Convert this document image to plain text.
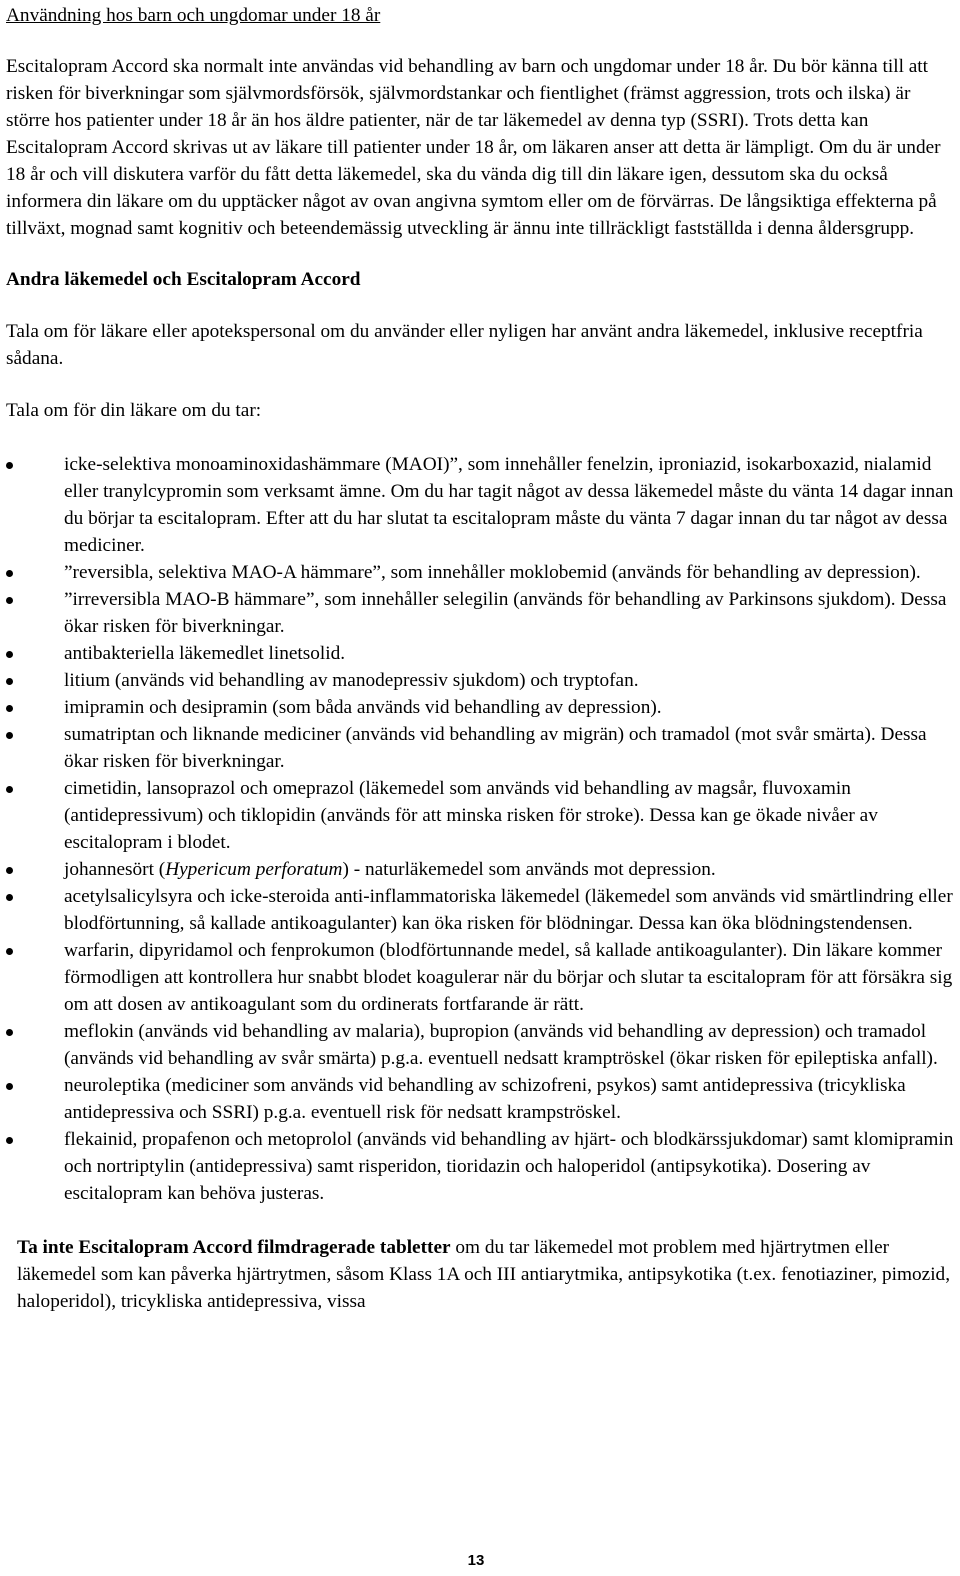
Användning hos barn och ungdomar under 18 år

Escitalopram Accord ska normalt inte användas vid behandling av barn och ungdomar under 18 år. Du bör känna till att risken för biverkningar som självmordsförsök, självmordstankar och fientlighet (främst aggression, trots och ilska) är större hos patienter under 18 år än hos äldre patienter, när de tar läkemedel av denna typ (SSRI). Trots detta kan Escitalopram Accord skrivas ut av läkare till patienter under 18 år, om läkaren anser att detta är lämpligt. Om du är under 18 år och vill diskutera varför du fått detta läkemedel, ska du vända dig till din läkare igen, dessutom ska du också informera din läkare om du upptäcker något av ovan angivna symtom eller om de förvärras. De långsiktiga effekterna på tillväxt, mognad samt kognitiv och beteendemässig utveckling är ännu inte tillräckligt fastställda i denna åldersgrupp.

Andra läkemedel och Escitalopram Accord

Tala om för läkare eller apotekspersonal om du använder eller nyligen har använt andra läkemedel, inklusive receptfria sådana.

Tala om för din läkare om du tar:

icke-selektiva monoaminoxidashämmare (MAOI)”, som innehåller fenelzin, iproniazid, isokarboxazid, nialamid eller tranylcypromin som verksamt ämne. Om du har tagit något av dessa läkemedel måste du vänta 14 dagar innan du börjar ta escitalopram. Efter att du har slutat ta escitalopram måste du vänta 7 dagar innan du tar något av dessa mediciner.
”reversibla, selektiva MAO-A hämmare”, som innehåller moklobemid (används för behandling av depression).
”irreversibla MAO-B hämmare”, som innehåller selegilin (används för behandling av Parkinsons sjukdom). Dessa ökar risken för biverkningar.
antibakteriella läkemedlet linetsolid.
litium (används vid behandling av manodepressiv sjukdom) och tryptofan.
imipramin och desipramin (som båda används vid behandling av depression).
sumatriptan och liknande mediciner (används vid behandling av migrän) och tramadol (mot svår smärta). Dessa ökar risken för biverkningar.
cimetidin, lansoprazol och omeprazol (läkemedel som används vid behandling av magsår, fluvoxamin (antidepressivum) och tiklopidin (används för att minska risken för stroke). Dessa kan ge ökade nivåer av escitalopram i blodet.
johannesört (Hypericum perforatum) - naturläkemedel som används mot depression.
acetylsalicylsyra och icke-steroida anti-inflammatoriska läkemedel (läkemedel som används vid smärtlindring eller blodförtunning, så kallade antikoagulanter) kan öka risken för blödningar. Dessa kan öka blödningstendensen.
warfarin, dipyridamol och fenprokumon (blodförtunnande medel, så kallade antikoagulanter). Din läkare kommer förmodligen att kontrollera hur snabbt blodet koagulerar när du börjar och slutar ta escitalopram för att försäkra sig om att dosen av antikoagulant som du ordinerats fortfarande är rätt.
meflokin (används vid behandling av malaria), bupropion (används vid behandling av depression) och tramadol (används vid behandling av svår smärta) p.g.a. eventuell nedsatt kramptröskel (ökar risken för epileptiska anfall).
neuroleptika (mediciner som används vid behandling av schizofreni, psykos) samt antidepressiva (tricykliska antidepressiva och SSRI) p.g.a. eventuell risk för nedsatt krampströskel.
flekainid, propafenon och metoprolol (används vid behandling av hjärt- och blodkärssjukdomar) samt klomipramin och nortriptylin (antidepressiva) samt risperidon, tioridazin och haloperidol (antipsykotika). Dosering av escitalopram kan behöva justeras.

Ta inte Escitalopram Accord filmdragerade tabletter om du tar läkemedel mot problem med hjärtrytmen eller läkemedel som kan påverka hjärtrytmen, såsom Klass 1A och III antiarytmika, antipsykotika (t.ex. fenotiaziner, pimozid, haloperidol), tricykliska antidepressiva, vissa

13
